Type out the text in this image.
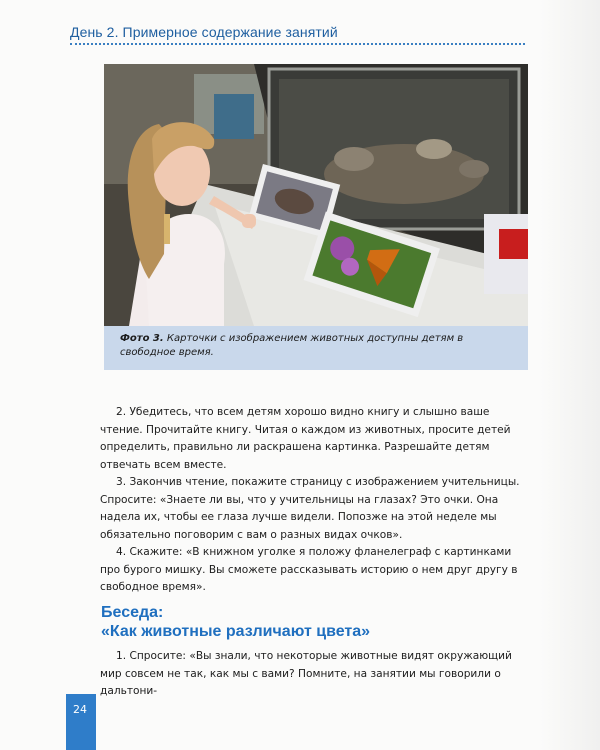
День 2. Примерное содержание занятий
Фото 3. Карточки с изображением животных доступны детям в свободное время.

2. Убедитесь, что всем детям хорошо видно книгу и слышно ваше чтение. Прочитайте книгу. Читая о каждом из животных, просите детей определить, правильно ли раскрашена картинка. Разрешайте детям отвечать всем вместе.

3. Закончив чтение, покажите страницу с изображением учительницы. Спросите: «Знаете ли вы, что у учительницы на глазах? Это очки. Она надела их, чтобы ее глаза лучше видели. Попозже на этой неделе мы обязательно поговорим с вам о разных видах очков».

4. Скажите: «В книжном уголке я положу фланелеграф с картинками про бурого мишку. Вы сможете рассказывать историю о нем друг другу в свободное время».

Беседа:
«Как животные различают цвета»

1. Спросите: «Вы знали, что некоторые животные видят окружающий мир совсем не так, как мы с вами? Помните, на занятии мы говорили о дальтони-

24
